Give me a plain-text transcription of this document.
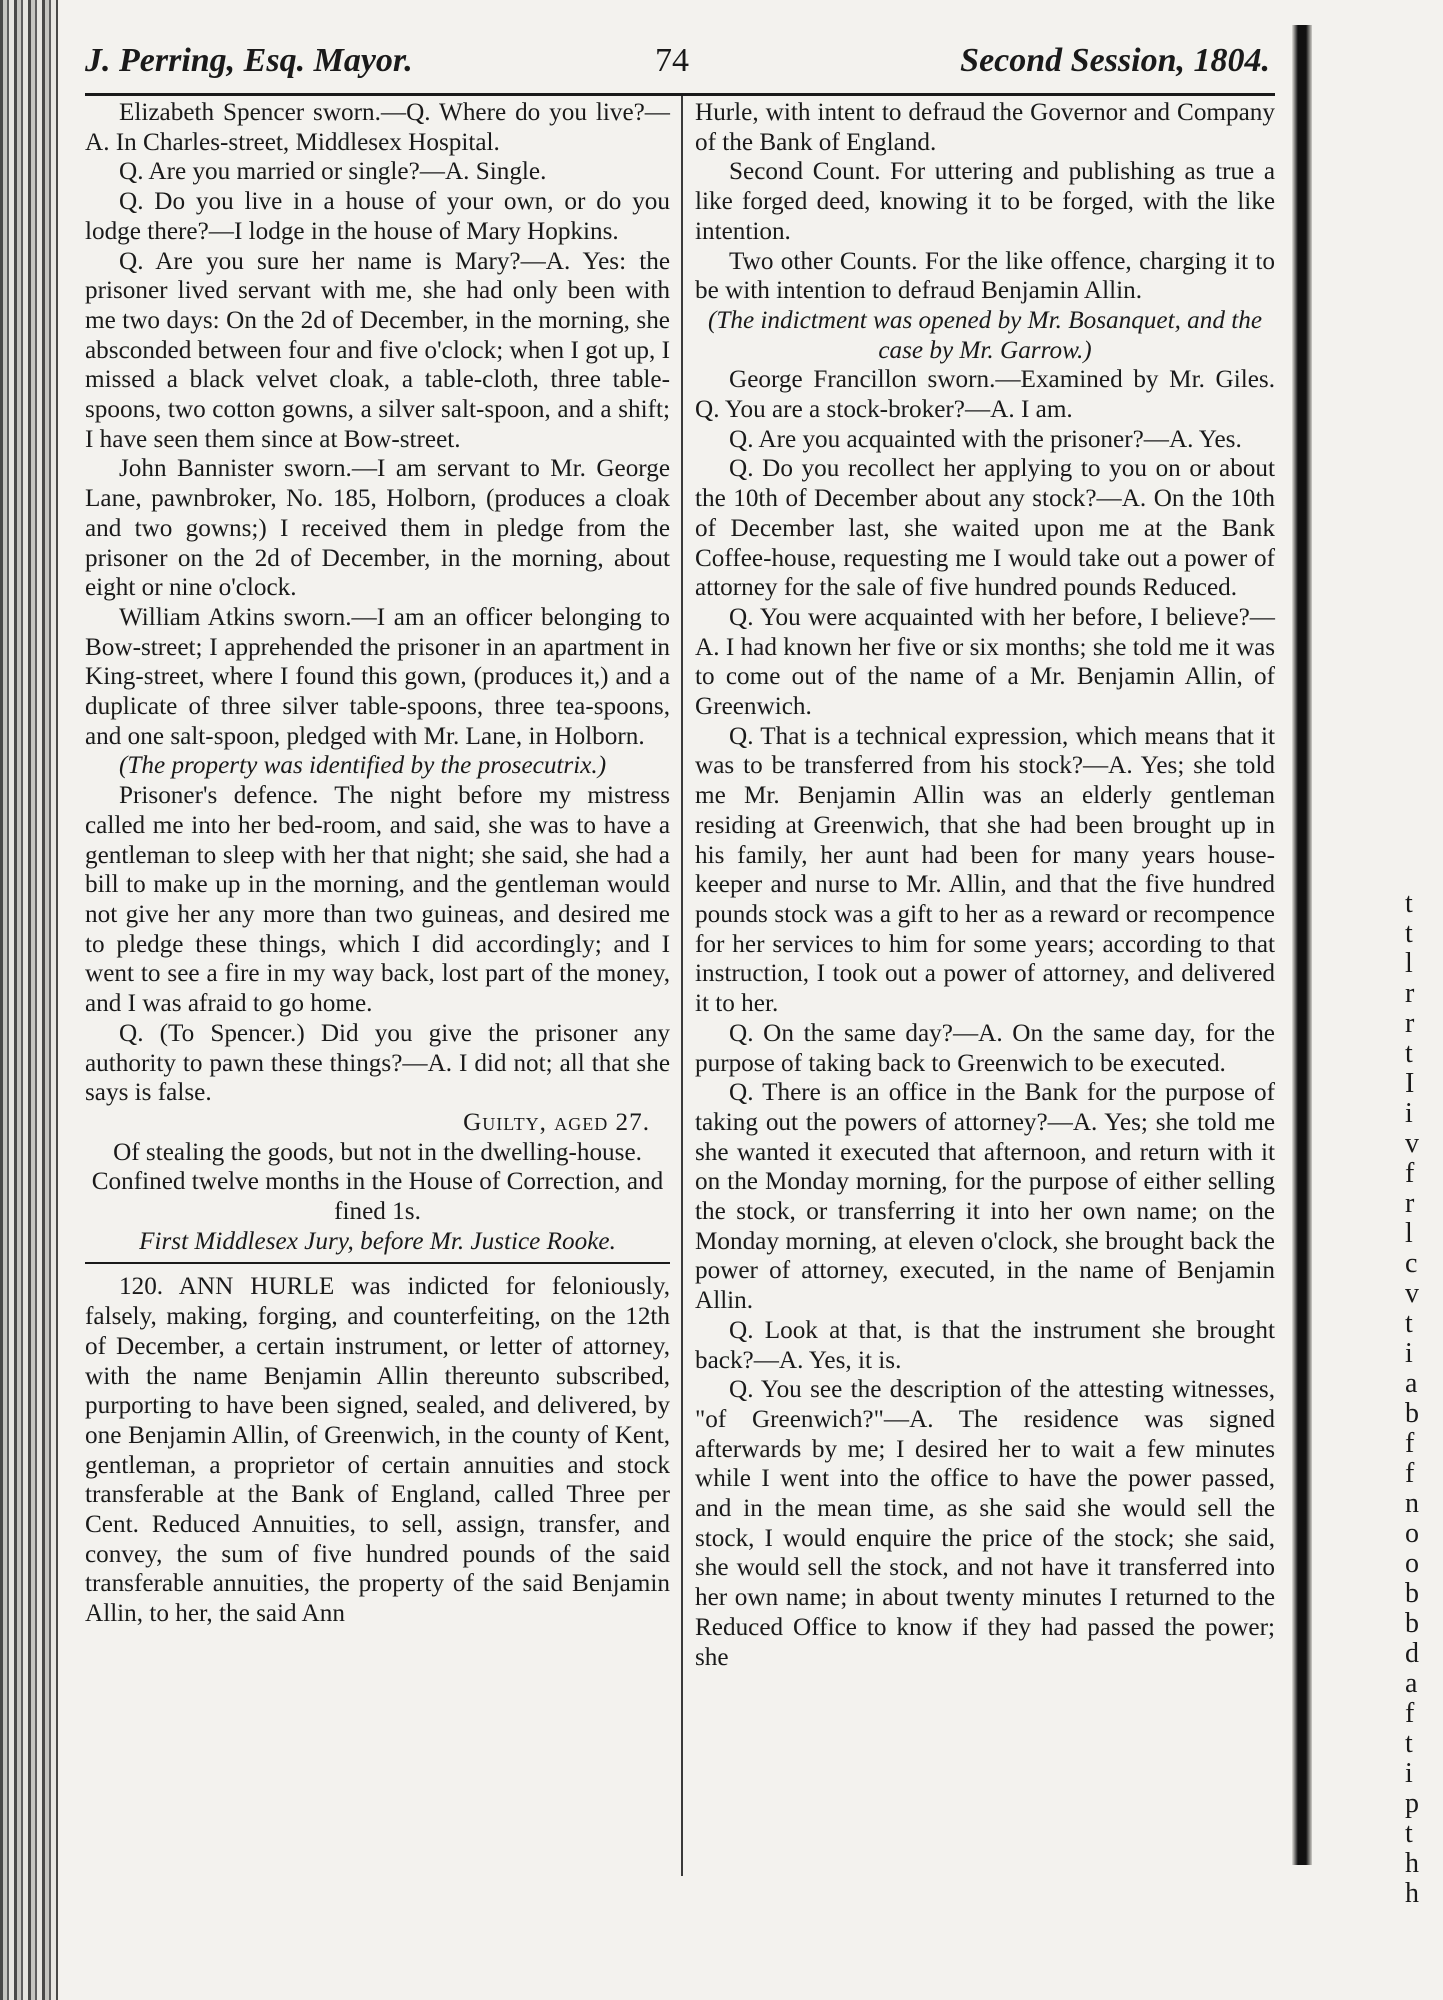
J. Perring, Esq. Mayor.	74	Second Session, 1804.

Elizabeth Spencer sworn.—Q. Where do you live?—A. In Charles-street, Middlesex Hospital.

Q. Are you married or single?—A. Single.

Q. Do you live in a house of your own, or do you lodge there?—I lodge in the house of Mary Hopkins.

Q. Are you sure her name is Mary?—A. Yes: the prisoner lived servant with me, she had only been with me two days: On the 2d of December, in the morning, she absconded between four and five o'clock; when I got up, I missed a black velvet cloak, a table-cloth, three table-spoons, two cotton gowns, a silver salt-spoon, and a shift; I have seen them since at Bow-street.

John Bannister sworn.—I am servant to Mr. George Lane, pawnbroker, No. 185, Holborn, (produces a cloak and two gowns;) I received them in pledge from the prisoner on the 2d of December, in the morning, about eight or nine o'clock.

William Atkins sworn.—I am an officer belonging to Bow-street; I apprehended the prisoner in an apartment in King-street, where I found this gown, (produces it,) and a duplicate of three silver table-spoons, three tea-spoons, and one salt-spoon, pledged with Mr. Lane, in Holborn.

(The property was identified by the prosecutrix.)

Prisoner's defence. The night before my mistress called me into her bed-room, and said, she was to have a gentleman to sleep with her that night; she said, she had a bill to make up in the morning, and the gentleman would not give her any more than two guineas, and desired me to pledge these things, which I did accordingly; and I went to see a fire in my way back, lost part of the money, and I was afraid to go home.

Q. (To Spencer.) Did you give the prisoner any authority to pawn these things?—A. I did not; all that she says is false.

Guilty, aged 27.

Of stealing the goods, but not in the dwelling-house. Confined twelve months in the House of Correction, and fined 1s.

First Middlesex Jury, before Mr. Justice Rooke.

120. ANN HURLE was indicted for feloniously, falsely, making, forging, and counterfeiting, on the 12th of December, a certain instrument, or letter of attorney, with the name Benjamin Allin thereunto subscribed, purporting to have been signed, sealed, and delivered, by one Benjamin Allin, of Greenwich, in the county of Kent, gentleman, a proprietor of certain annuities and stock transferable at the Bank of England, called Three per Cent. Reduced Annuities, to sell, assign, transfer, and convey, the sum of five hundred pounds of the said transferable annuities, the property of the said Benjamin Allin, to her, the said Ann

Hurle, with intent to defraud the Governor and Company of the Bank of England.

Second Count. For uttering and publishing as true a like forged deed, knowing it to be forged, with the like intention.

Two other Counts. For the like offence, charging it to be with intention to defraud Benjamin Allin.

(The indictment was opened by Mr. Bosanquet, and the case by Mr. Garrow.)

George Francillon sworn.—Examined by Mr. Giles. Q. You are a stock-broker?—A. I am.

Q. Are you acquainted with the prisoner?—A. Yes.

Q. Do you recollect her applying to you on or about the 10th of December about any stock?—A. On the 10th of December last, she waited upon me at the Bank Coffee-house, requesting me I would take out a power of attorney for the sale of five hundred pounds Reduced.

Q. You were acquainted with her before, I believe?—A. I had known her five or six months; she told me it was to come out of the name of a Mr. Benjamin Allin, of Greenwich.

Q. That is a technical expression, which means that it was to be transferred from his stock?—A. Yes; she told me Mr. Benjamin Allin was an elderly gentleman residing at Greenwich, that she had been brought up in his family, her aunt had been for many years house-keeper and nurse to Mr. Allin, and that the five hundred pounds stock was a gift to her as a reward or recompence for her services to him for some years; according to that instruction, I took out a power of attorney, and delivered it to her.

Q. On the same day?—A. On the same day, for the purpose of taking back to Greenwich to be executed.

Q. There is an office in the Bank for the purpose of taking out the powers of attorney?—A. Yes; she told me she wanted it executed that afternoon, and return with it on the Monday morning, for the purpose of either selling the stock, or transferring it into her own name; on the Monday morning, at eleven o'clock, she brought back the power of attorney, executed, in the name of Benjamin Allin.

Q. Look at that, is that the instrument she brought back?—A. Yes, it is.

Q. You see the description of the attesting witnesses, "of Greenwich?"—A. The residence was signed afterwards by me; I desired her to wait a few minutes while I went into the office to have the power passed, and in the mean time, as she said she would sell the stock, I would enquire the price of the stock; she said, she would sell the stock, and not have it transferred into her own name; in about twenty minutes I returned to the Reduced Office to know if they had passed the power; she

t
t
l
r
r
t
I
i
v
f
r
l
c
v
t
i
a
b
f
f
n
o
o
b
b
d
a
f
t
i
p
t
h
h
